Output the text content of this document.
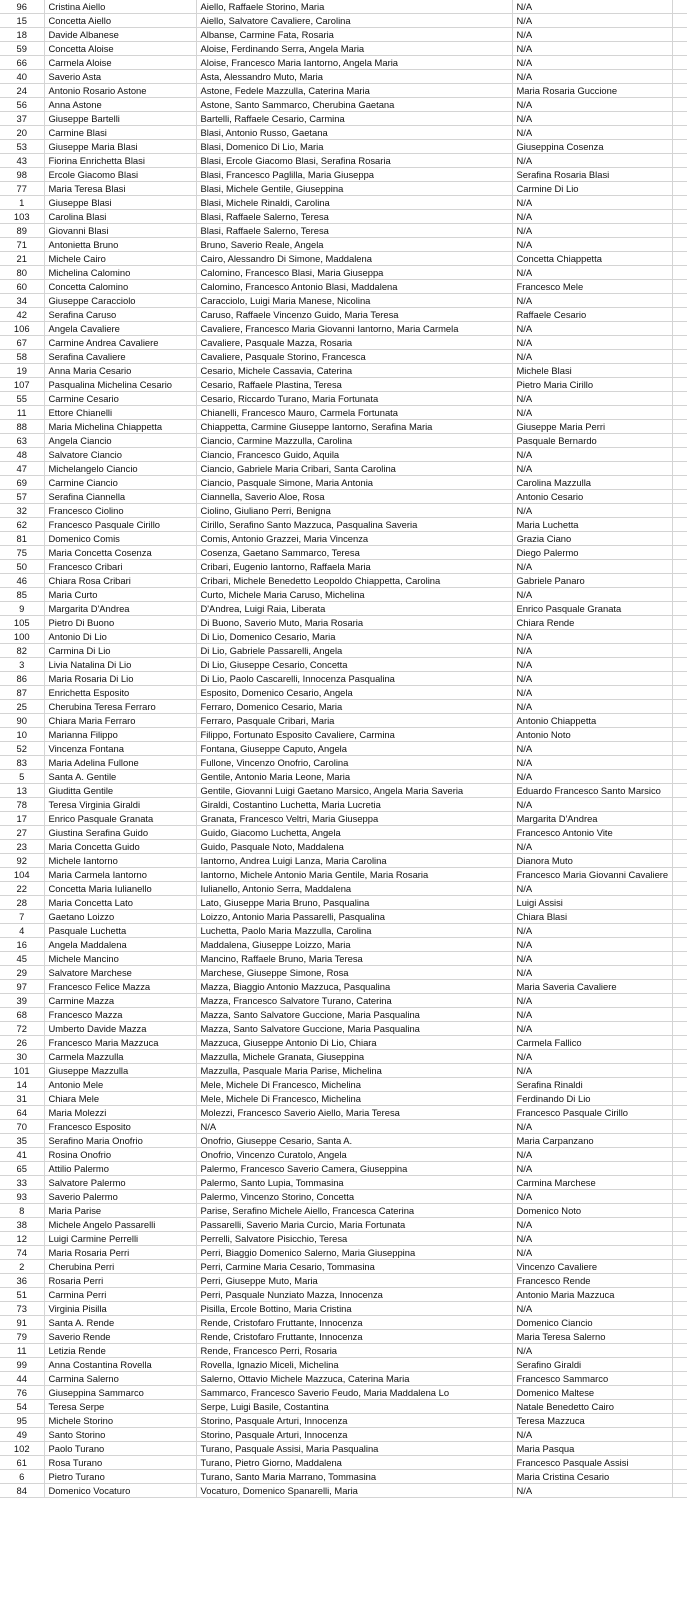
96	Cristina Aiello	Aiello, Raffaele Storino, Maria	N/A	
15	Concetta Aiello	Aiello, Salvatore Cavaliere, Carolina	N/A	
18	Davide Albanese	Albanse, Carmine Fata, Rosaria	N/A	
59	Concetta Aloise	Aloise, Ferdinando Serra, Angela Maria	N/A	
66	Carmela Aloise	Aloise, Francesco Maria Iantorno, Angela Maria	N/A	
40	Saverio Asta	Asta, Alessandro Muto, Maria	N/A	
24	Antonio Rosario Astone	Astone, Fedele Mazzulla, Caterina Maria	Maria Rosaria Guccione	
56	Anna Astone	Astone, Santo Sammarco, Cherubina Gaetana	N/A	
37	Giuseppe Bartelli	Bartelli, Raffaele Cesario, Carmina	N/A	
20	Carmine Blasi	Blasi, Antonio Russo, Gaetana	N/A	
53	Giuseppe Maria Blasi	Blasi, Domenico Di Lio, Maria	Giuseppina Cosenza	
43	Fiorina Enrichetta Blasi	Blasi, Ercole Giacomo Blasi, Serafina Rosaria	N/A	
98	Ercole Giacomo Blasi	Blasi, Francesco Paglilla, Maria Giuseppa	Serafina Rosaria Blasi	
77	Maria Teresa Blasi	Blasi, Michele Gentile, Giuseppina	Carmine Di Lio	
1	Giuseppe Blasi	Blasi, Michele Rinaldi, Carolina	N/A	
103	Carolina Blasi	Blasi, Raffaele Salerno, Teresa	N/A	
89	Giovanni Blasi	Blasi, Raffaele Salerno, Teresa	N/A	
71	Antonietta Bruno	Bruno, Saverio Reale, Angela	N/A	
21	Michele Cairo	Cairo, Alessandro Di Simone, Maddalena	Concetta Chiappetta	
80	Michelina Calomino	Calomino, Francesco Blasi, Maria Giuseppa	N/A	
60	Concetta Calomino	Calomino, Francesco Antonio Blasi, Maddalena	Francesco Mele	
34	Giuseppe Caracciolo	Caracciolo, Luigi Maria Manese, Nicolina	N/A	
42	Serafina Caruso	Caruso, Raffaele Vincenzo Guido, Maria Teresa	Raffaele Cesario	
106	Angela Cavaliere	Cavaliere, Francesco Maria Giovanni Iantorno, Maria Carmela	N/A	
67	Carmine Andrea Cavaliere	Cavaliere, Pasquale Mazza, Rosaria	N/A	
58	Serafina Cavaliere	Cavaliere, Pasquale Storino, Francesca	N/A	
19	Anna Maria Cesario	Cesario, Michele Cassavia, Caterina	Michele Blasi	
107	Pasqualina Michelina Cesario	Cesario, Raffaele Plastina, Teresa	Pietro Maria Cirillo	
55	Carmine Cesario	Cesario, Riccardo Turano, Maria Fortunata	N/A	
11	Ettore Chianelli	Chianelli, Francesco Mauro, Carmela Fortunata	N/A	
88	Maria Michelina Chiappetta	Chiappetta, Carmine Giuseppe Iantorno, Serafina Maria	Giuseppe Maria Perri	
63	Angela Ciancio	Ciancio, Carmine Mazzulla, Carolina	Pasquale Bernardo	
48	Salvatore Ciancio	Ciancio, Francesco Guido, Aquila	N/A	
47	Michelangelo Ciancio	Ciancio, Gabriele Maria Cribari, Santa Carolina	N/A	
69	Carmine Ciancio	Ciancio, Pasquale Simone, Maria Antonia	Carolina Mazzulla	
57	Serafina Ciannella	Ciannella, Saverio Aloe, Rosa	Antonio Cesario	
32	Francesco Ciolino	Ciolino, Giuliano Perri, Benigna	N/A	
62	Francesco Pasquale Cirillo	Cirillo, Serafino Santo Mazzuca, Pasqualina Saveria	Maria Luchetta	
81	Domenico Comis	Comis, Antonio Grazzei, Maria Vincenza	Grazia Ciano	
75	Maria Concetta Cosenza	Cosenza, Gaetano Sammarco, Teresa	Diego Palermo	
50	Francesco Cribari	Cribari, Eugenio Iantorno, Raffaela Maria	N/A	
46	Chiara Rosa Cribari	Cribari, Michele Benedetto Leopoldo Chiappetta, Carolina	Gabriele Panaro	
85	Maria Curto	Curto, Michele Maria Caruso, Michelina	N/A	
9	Margarita D'Andrea	D'Andrea, Luigi Raia, Liberata	Enrico Pasquale Granata	
105	Pietro Di Buono	Di Buono, Saverio Muto, Maria Rosaria	Chiara Rende	
100	Antonio Di Lio	Di Lio, Domenico Cesario, Maria	N/A	
82	Carmina Di Lio	Di Lio, Gabriele Passarelli, Angela	N/A	
3	Livia Natalina Di Lio	Di Lio, Giuseppe Cesario, Concetta	N/A	
86	Maria Rosaria Di Lio	Di Lio, Paolo Cascarelli, Innocenza Pasqualina	N/A	
87	Enrichetta Esposito	Esposito, Domenico Cesario, Angela	N/A	
25	Cherubina Teresa Ferraro	Ferraro, Domenico Cesario, Maria	N/A	
90	Chiara Maria Ferraro	Ferraro, Pasquale Cribari, Maria	Antonio Chiappetta	
10	Marianna Filippo	Filippo, Fortunato Esposito Cavaliere, Carmina	Antonio Noto	
52	Vincenza Fontana	Fontana, Giuseppe Caputo, Angela	N/A	
83	Maria Adelina Fullone	Fullone, Vincenzo Onofrio, Carolina	N/A	
5	Santa A. Gentile	Gentile, Antonio Maria Leone, Maria	N/A	
13	Giuditta Gentile	Gentile, Giovanni Luigi Gaetano Marsico, Angela Maria Saveria	Eduardo Francesco Santo Marsico	
78	Teresa Virginia Giraldi	Giraldi, Costantino Luchetta, Maria Lucretia	N/A	
17	Enrico Pasquale Granata	Granata, Francesco Veltri, Maria Giuseppa	Margarita D'Andrea	
27	Giustina Serafina Guido	Guido, Giacomo Luchetta, Angela	Francesco Antonio Vite	
23	Maria Concetta Guido	Guido, Pasquale Noto, Maddalena	N/A	
92	Michele Iantorno	Iantorno, Andrea Luigi Lanza, Maria Carolina	Dianora Muto	
104	Maria Carmela Iantorno	Iantorno, Michele Antonio Maria Gentile, Maria Rosaria	Francesco Maria Giovanni Cavaliere	
22	Concetta Maria Iulianello	Iulianello, Antonio Serra, Maddalena	N/A	
28	Maria Concetta Lato	Lato, Giuseppe Maria Bruno, Pasqualina	Luigi Assisi	
7	Gaetano Loizzo	Loizzo, Antonio Maria Passarelli, Pasqualina	Chiara Blasi	
4	Pasquale Luchetta	Luchetta, Paolo Maria Mazzulla, Carolina	N/A	
16	Angela Maddalena	Maddalena, Giuseppe Loizzo, Maria	N/A	
45	Michele Mancino	Mancino, Raffaele Bruno, Maria Teresa	N/A	
29	Salvatore Marchese	Marchese, Giuseppe Simone, Rosa	N/A	
97	Francesco Felice Mazza	Mazza, Biaggio Antonio Mazzuca, Pasqualina	Maria Saveria Cavaliere	
39	Carmine Mazza	Mazza, Francesco Salvatore Turano, Caterina	N/A	
68	Francesco Mazza	Mazza, Santo Salvatore Guccione, Maria Pasqualina	N/A	
72	Umberto Davide Mazza	Mazza, Santo Salvatore Guccione, Maria Pasqualina	N/A	
26	Francesco Maria Mazzuca	Mazzuca, Giuseppe Antonio Di Lio, Chiara	Carmela Fallico	
30	Carmela Mazzulla	Mazzulla, Michele Granata, Giuseppina	N/A	
101	Giuseppe Mazzulla	Mazzulla, Pasquale Maria Parise, Michelina	N/A	
14	Antonio Mele	Mele, Michele Di Francesco, Michelina	Serafina Rinaldi	
31	Chiara Mele	Mele, Michele Di Francesco, Michelina	Ferdinando Di Lio	
64	Maria Molezzi	Molezzi, Francesco Saverio Aiello, Maria Teresa	Francesco Pasquale Cirillo	
70	Francesco Esposito	N/A	N/A	
35	Serafino Maria Onofrio	Onofrio, Giuseppe Cesario, Santa A.	Maria Carpanzano	
41	Rosina Onofrio	Onofrio, Vincenzo Curatolo, Angela	N/A	
65	Attilio Palermo	Palermo, Francesco Saverio Camera, Giuseppina	N/A	
33	Salvatore Palermo	Palermo, Santo Lupia, Tommasina	Carmina Marchese	
93	Saverio Palermo	Palermo, Vincenzo Storino, Concetta	N/A	
8	Maria Parise	Parise, Serafino Michele Aiello, Francesca Caterina	Domenico Noto	
38	Michele Angelo Passarelli	Passarelli, Saverio Maria Curcio, Maria Fortunata	N/A	
12	Luigi Carmine Perrelli	Perrelli, Salvatore Pisicchio, Teresa	N/A	
74	Maria Rosaria Perri	Perri, Biaggio Domenico Salerno, Maria Giuseppina	N/A	
2	Cherubina Perri	Perri, Carmine Maria Cesario, Tommasina	Vincenzo Cavaliere	
36	Rosaria Perri	Perri, Giuseppe Muto, Maria	Francesco Rende	
51	Carmina Perri	Perri, Pasquale Nunziato Mazza, Innocenza	Antonio Maria Mazzuca	
73	Virginia Pisilla	Pisilla, Ercole Bottino, Maria Cristina	N/A	
91	Santa A. Rende	Rende, Cristofaro Fruttante, Innocenza	Domenico Ciancio	
79	Saverio Rende	Rende, Cristofaro Fruttante, Innocenza	Maria Teresa Salerno	
11	Letizia Rende	Rende, Francesco Perri, Rosaria	N/A	
99	Anna Costantina Rovella	Rovella, Ignazio Miceli, Michelina	Serafino Giraldi	
44	Carmina Salerno	Salerno, Ottavio Michele Mazzuca, Caterina Maria	Francesco Sammarco	
76	Giuseppina Sammarco	Sammarco, Francesco Saverio Feudo, Maria Maddalena Lo	Domenico Maltese	
54	Teresa Serpe	Serpe, Luigi Basile, Costantina	Natale Benedetto Cairo	
95	Michele Storino	Storino, Pasquale Arturi, Innocenza	Teresa Mazzuca	
49	Santo Storino	Storino, Pasquale Arturi, Innocenza	N/A	
102	Paolo Turano	Turano, Pasquale Assisi, Maria Pasqualina	Maria Pasqua	
61	Rosa Turano	Turano, Pietro Giorno, Maddalena	Francesco Pasquale Assisi	
6	Pietro Turano	Turano, Santo Maria Marrano, Tommasina	Maria Cristina Cesario	
84	Domenico Vocaturo	Vocaturo, Domenico Spanarelli, Maria	N/A	
